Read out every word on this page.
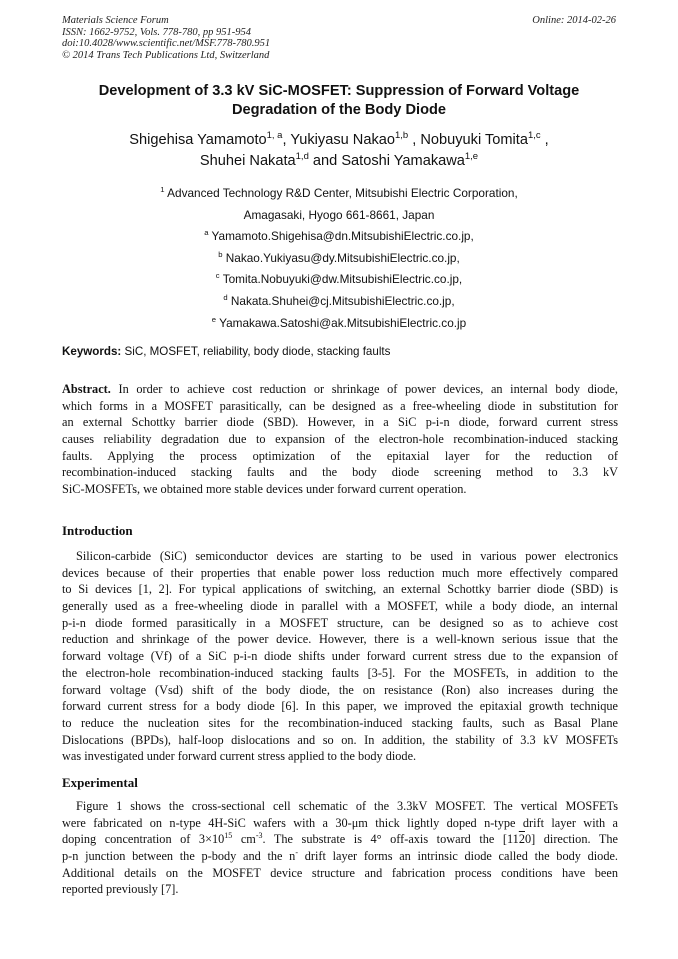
Materials Science Forum
ISSN: 1662-9752, Vols. 778-780, pp 951-954
doi:10.4028/www.scientific.net/MSF.778-780.951
© 2014 Trans Tech Publications Ltd, Switzerland
Online: 2014-02-26
Development of 3.3 kV SiC-MOSFET: Suppression of Forward Voltage
Degradation of the Body Diode
Shigehisa Yamamoto$^{1, a}$, Yukiyasu Nakao$^{1,b}$ , Nobuyuki Tomita$^{1,c}$ ,
Shuhei Nakata$^{1,d}$ and Satoshi Yamakawa$^{1,e}$
$^1$ Advanced Technology R&D Center, Mitsubishi Electric Corporation,
Amagasaki, Hyogo 661-8661, Japan
$^a$ Yamamoto.Shigehisa@dn.MitsubishiElectric.co.jp,
$^b$ Nakao.Yukiyasu@dy.MitsubishiElectric.co.jp,
$^c$ Tomita.Nobuyuki@dw.MitsubishiElectric.co.jp,
$^d$ Nakata.Shuhei@cj.MitsubishiElectric.co.jp,
$^e$ Yamakawa.Satoshi@ak.MitsubishiElectric.co.jp
Keywords: SiC, MOSFET, reliability, body diode, stacking faults
Abstract. In order to achieve cost reduction or shrinkage of power devices, an internal body diode,
which forms in a MOSFET parasitically, can be designed as a free-wheeling diode in substitution for
an external Schottky barrier diode (SBD). However, in a SiC p-i-n diode, forward current stress
causes reliability degradation due to expansion of the electron-hole recombination-induced stacking
faults. Applying the process optimization of the epitaxial layer for the reduction of
recombination-induced stacking faults and the body diode screening method to 3.3 kV
SiC-MOSFETs, we obtained more stable devices under forward current operation.
Introduction
Silicon-carbide (SiC) semiconductor devices are starting to be used in various power electronics
devices because of their properties that enable power loss reduction much more effectively compared
to Si devices [1, 2]. For typical applications of switching, an external Schottky barrier diode (SBD) is
generally used as a free-wheeling diode in parallel with a MOSFET, while a body diode, an internal
p-i-n diode formed parasitically in a MOSFET structure, can be designed so as to achieve cost
reduction and shrinkage of the power device. However, there is a well-known serious issue that the
forward voltage (Vf) of a SiC p-i-n diode shifts under forward current stress due to the expansion of
the electron-hole recombination-induced stacking faults [3-5]. For the MOSFETs, in addition to the
forward voltage (Vsd) shift of the body diode, the on resistance (Ron) also increases during the
forward current stress for a body diode [6]. In this paper, we improved the epitaxial growth technique
to reduce the nucleation sites for the recombination-induced stacking faults, such as Basal Plane
Dislocations (BPDs), half-loop dislocations and so on. In addition, the stability of 3.3 kV MOSFETs
was investigated under forward current stress applied to the body diode.
Experimental
Figure 1 shows the cross-sectional cell schematic of the 3.3kV MOSFET. The vertical MOSFETs
were fabricated on n-type 4H-SiC wafers with a 30-μm thick lightly doped n-type drift layer with a
doping concentration of $3\times 10^{15}$ $cm^{-3}$. The substrate is 4° off-axis toward the [1120] direction. The
p-n junction between the p-body and the n- drift layer forms an intrinsic diode called the body diode.
Additional details on the MOSFET device structure and fabrication process conditions have been
reported previously [7].
